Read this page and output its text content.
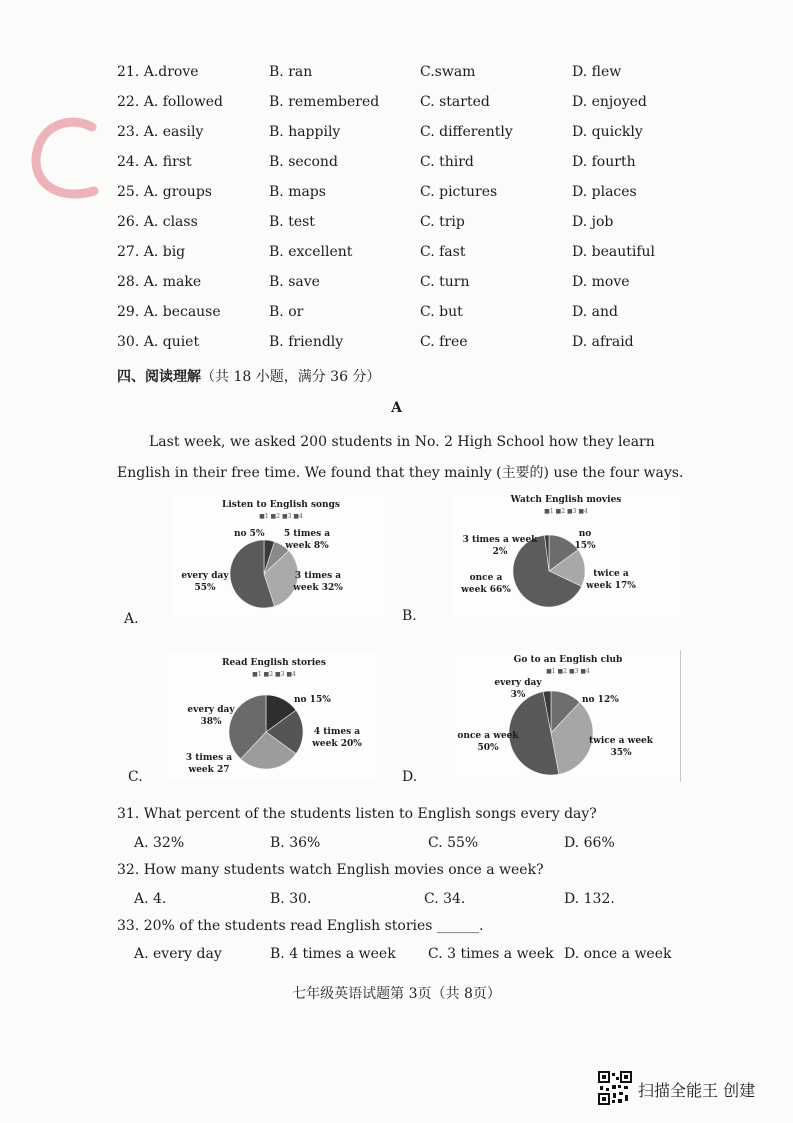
21. A.drove	B. ran	C.swam	D. flew
22. A. followed	B. remembered	C. started	D. enjoyed
23. A. easily	B. happily	C. differently	D. quickly
24. A. first	B. second	C. third	D. fourth
25. A. groups	B. maps	C. pictures	D. places
26. A. class	B. test	C. trip	D. job
27. A. big	B. excellent	C. fast	D. beautiful
28. A. make	B. save	C. turn	D. move
29. A. because	B. or	C. but	D. and
30. A. quiet	B. friendly	C. free	D. afraid
四、阅读理解（共 18 小题，满分 36 分）
A
Last week, we asked 200 students in No. 2 High School how they learn English in their free time. We found that they mainly (主要的) use the four ways.
A.
Listen to English songs
■1 ■2 ■3 ■4
no 5% 5 times a week 8%
3 times a week 32%
every day 55%
B.
Watch English movies
■1 ■2 ■3 ■4
no 15%
twice a week 17%
once a week 66%
3 times a week 2%
C.
Read English stories
■1 ■2 ■3 ■4
no 15%
4 times a week 20%
3 times a week 27
every day 38%
D.
Go to an English club
■1 ■2 ■3 ■4
every day 3%	no 12%
twice a week 35%
once a week 50%
31. What percent of the students listen to English songs every day?
A. 32%	B. 36%	C. 55%	D. 66%
32. How many students watch English movies once a week?
A. 4.	B. 30.	C. 34.	D. 132.
33. 20% of the students read English stories ______.
A. every day	B. 4 times a week C. 3 times a week D. once a week
七年级英语试题第 3页（共 8页）
扫描全能王 创建
